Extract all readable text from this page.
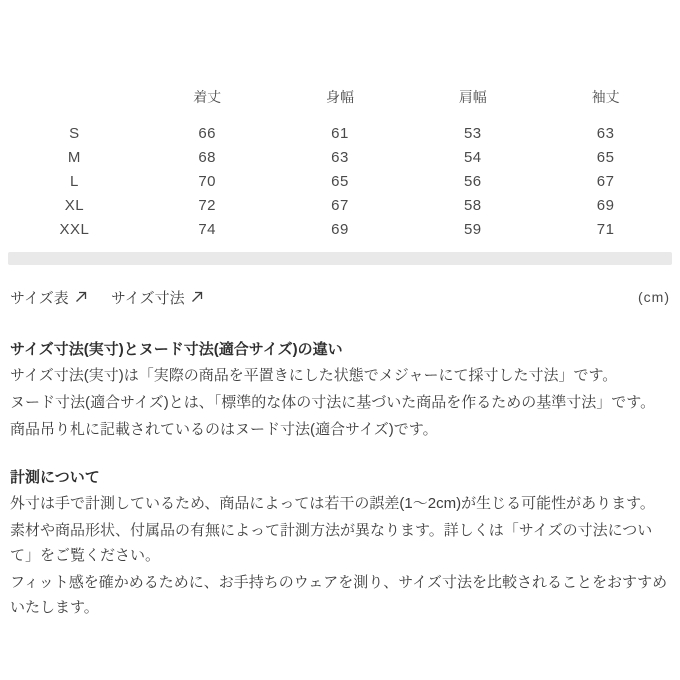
	着丈	身幅	肩幅	袖丈
S	66	61	53	63
M	68	63	54	65
L	70	65	56	67
XL	72	67	58	69
XXL	74	69	59	71
サイズ表	サイズ寸法	(cm)

サイズ寸法(実寸)とヌード寸法(適合サイズ)の違い

サイズ寸法(実寸)は「実際の商品を平置きにした状態でメジャーにて採寸した寸法」です。

ヌード寸法(適合サイズ)とは、「標準的な体の寸法に基づいた商品を作るための基準寸法」です。

商品吊り札に記載されているのはヌード寸法(適合サイズ)です。

計測について

外寸は手で計測しているため、商品によっては若干の誤差(1〜2cm)が生じる可能性があります。

素材や商品形状、付属品の有無によって計測方法が異なります。詳しくは「サイズの寸法について」をご覧ください。

フィット感を確かめるために、お手持ちのウェアを測り、サイズ寸法を比較されることをおすすめいたします。
